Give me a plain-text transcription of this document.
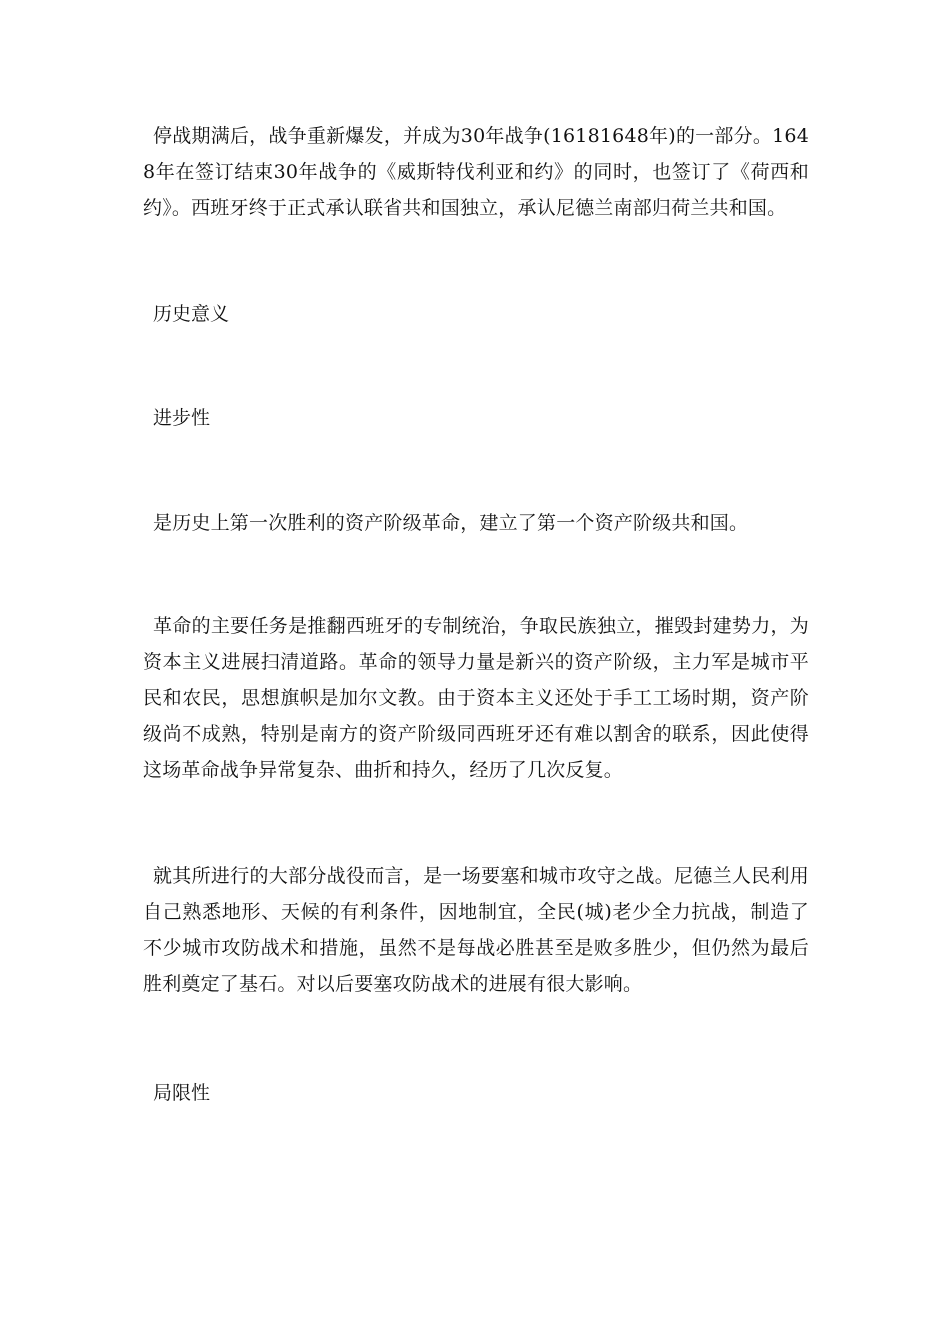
停战期满后，战争重新爆发，并成为30年战争(16181648年)的一部分。1648年在签订结束30年战争的《威斯特伐利亚和约》的同时，也签订了《荷西和约》。西班牙终于正式承认联省共和国独立，承认尼德兰南部归荷兰共和国。

历史意义
进步性

是历史上第一次胜利的资产阶级革命，建立了第一个资产阶级共和国。

革命的主要任务是推翻西班牙的专制统治，争取民族独立，摧毁封建势力，为资本主义进展扫清道路。革命的领导力量是新兴的资产阶级，主力军是城市平民和农民，思想旗帜是加尔文教。由于资本主义还处于手工工场时期，资产阶级尚不成熟，特别是南方的资产阶级同西班牙还有难以割舍的联系，因此使得这场革命战争异常复杂、曲折和持久，经历了几次反复。

就其所进行的大部分战役而言，是一场要塞和城市攻守之战。尼德兰人民利用自己熟悉地形、天候的有利条件，因地制宜，全民(城)老少全力抗战，制造了不少城市攻防战术和措施，虽然不是每战必胜甚至是败多胜少，但仍然为最后胜利奠定了基石。对以后要塞攻防战术的进展有很大影响。

局限性
